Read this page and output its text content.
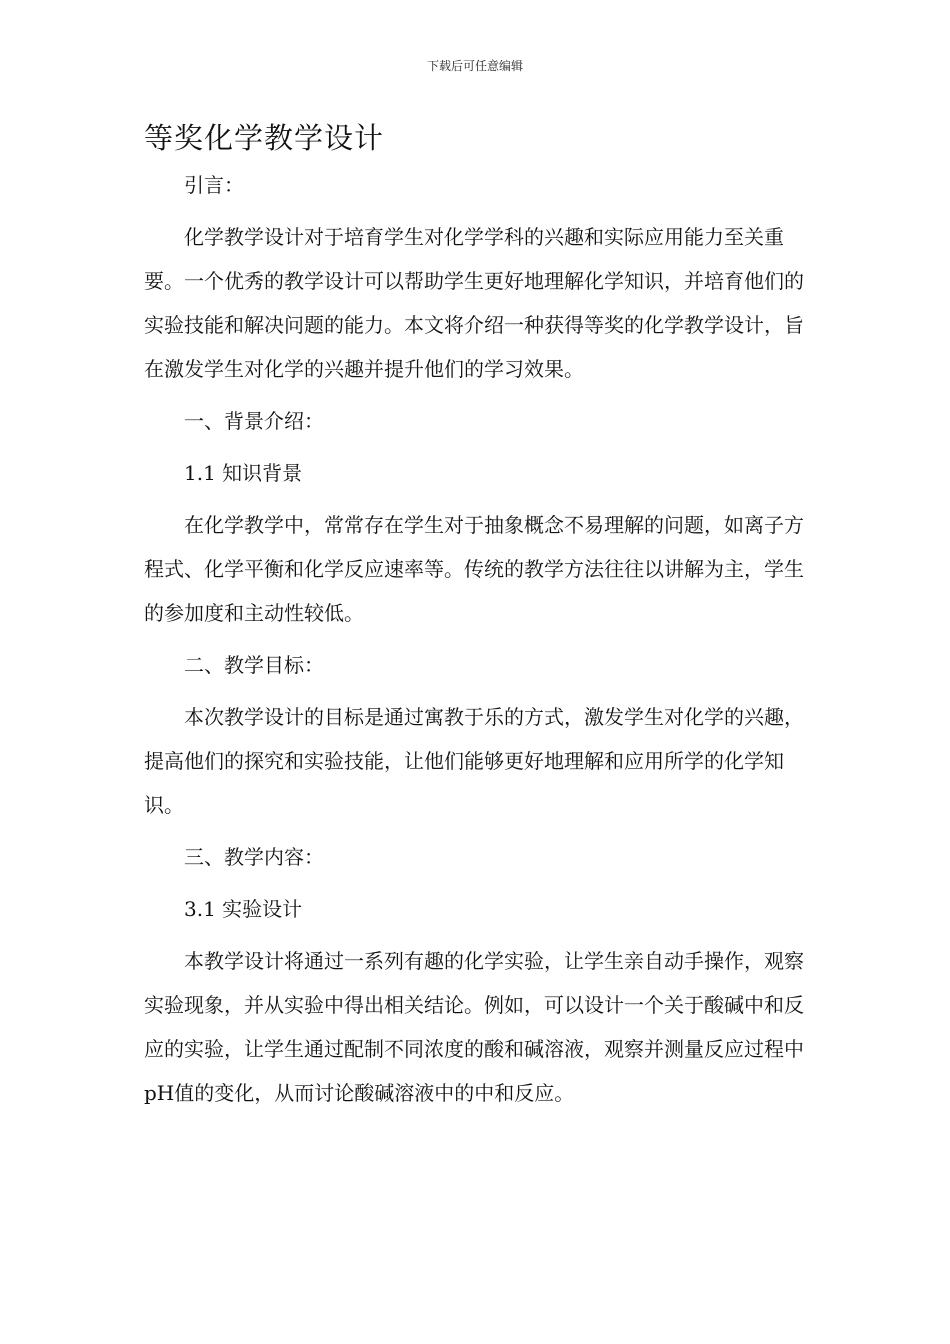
下载后可任意编辑
等奖化学教学设计

引言：

化学教学设计对于培育学生对化学学科的兴趣和实际应用能力至关重要。一个优秀的教学设计可以帮助学生更好地理解化学知识，并培育他们的实验技能和解决问题的能力。本文将介绍一种获得等奖的化学教学设计，旨在激发学生对化学的兴趣并提升他们的学习效果。

一、背景介绍：

1.1 知识背景

在化学教学中，常常存在学生对于抽象概念不易理解的问题，如离子方程式、化学平衡和化学反应速率等。传统的教学方法往往以讲解为主，学生的参加度和主动性较低。

二、教学目标：

本次教学设计的目标是通过寓教于乐的方式，激发学生对化学的兴趣，提高他们的探究和实验技能，让他们能够更好地理解和应用所学的化学知识。

三、教学内容：

3.1 实验设计

本教学设计将通过一系列有趣的化学实验，让学生亲自动手操作，观察实验现象，并从实验中得出相关结论。例如，可以设计一个关于酸碱中和反应的实验，让学生通过配制不同浓度的酸和碱溶液，观察并测量反应过程中pH值的变化，从而讨论酸碱溶液中的中和反应。
